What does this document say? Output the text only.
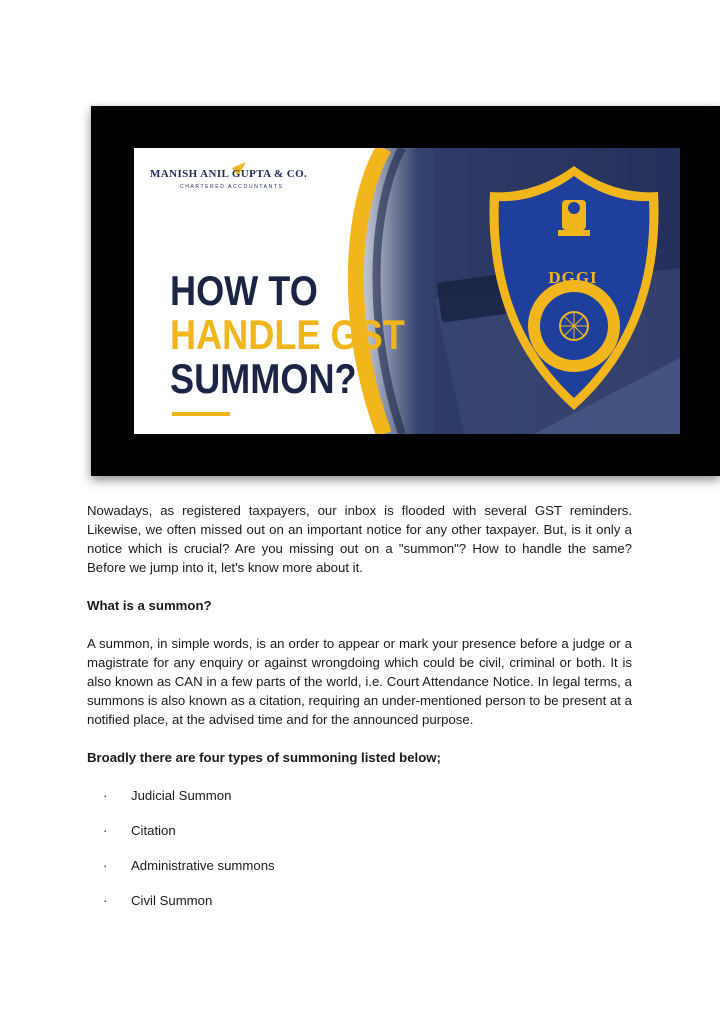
MANISH ANIL GUPTA & CO.
CHARTERED ACCOUNTANTS
HOW TO
HANDLE GST
SUMMON?
DGGI

Nowadays, as registered taxpayers, our inbox is flooded with several GST reminders. Likewise, we often missed out on an important notice for any other taxpayer. But, is it only a notice which is crucial? Are you missing out on a "summon"? How to handle the same? Before we jump into it, let's know more about it.

What is a summon?

A summon, in simple words, is an order to appear or mark your presence before a judge or a magistrate for any enquiry or against wrongdoing which could be civil, criminal or both. It is also known as CAN in a few parts of the world, i.e. Court Attendance Notice. In legal terms, a summons is also known as a citation, requiring an under-mentioned person to be present at a notified place, at the advised time and for the announced purpose.

Broadly there are four types of summoning listed below;

· Judicial Summon
· Citation
· Administrative summons
· Civil Summon
